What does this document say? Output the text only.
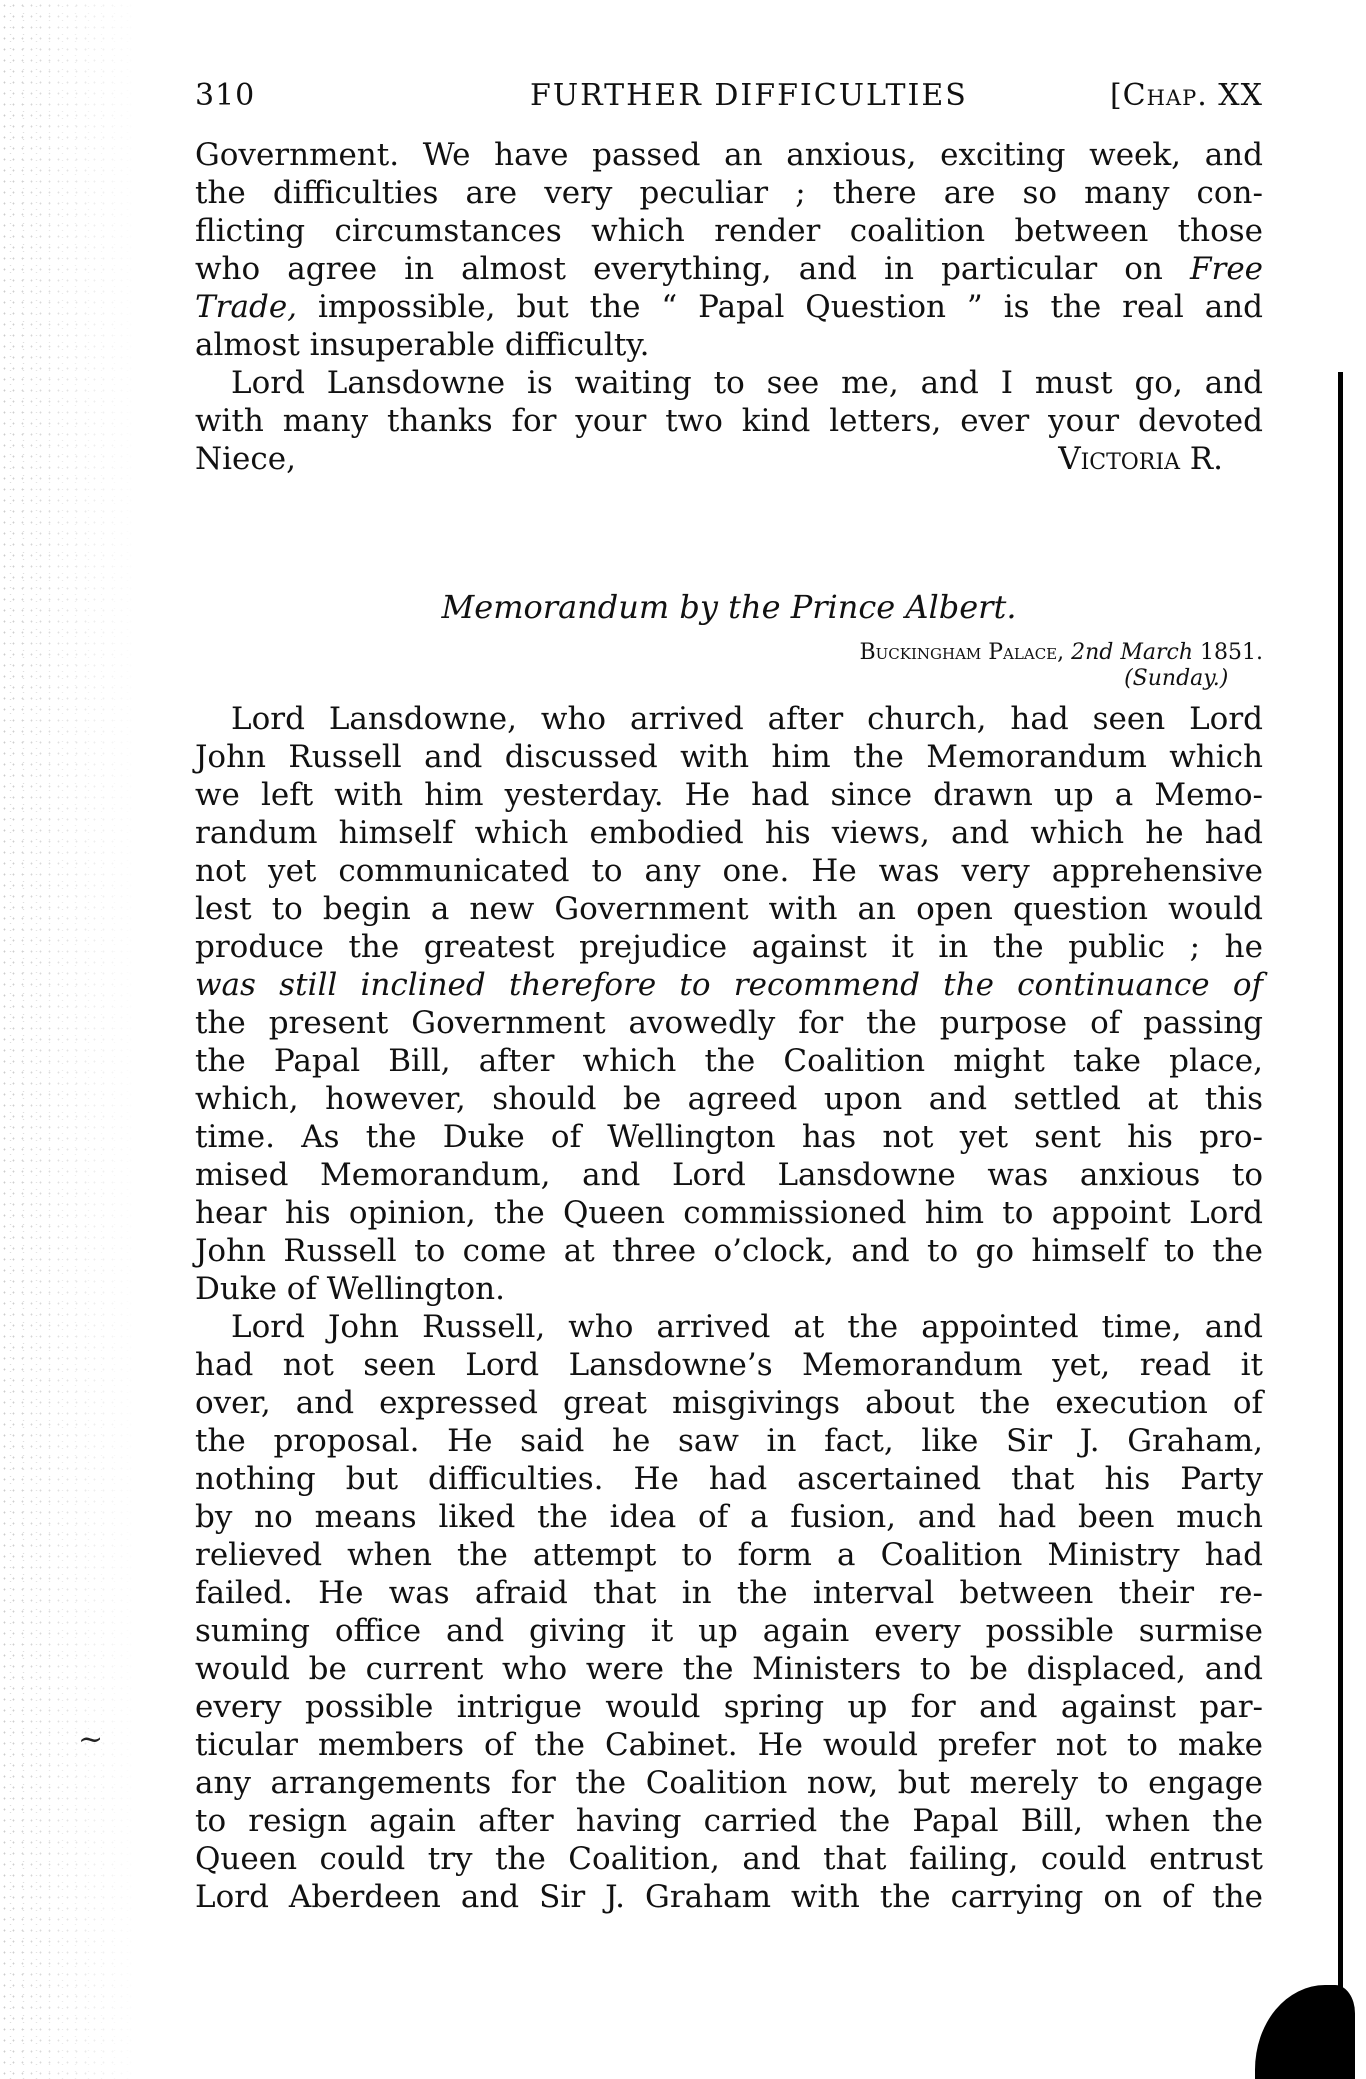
~
310	FURTHER DIFFICULTIES	[Chap. XX

Government. We have passed an anxious, exciting week, and
the difficulties are very peculiar ; there are so many con-
flicting circumstances which render coalition between those
who agree in almost everything, and in particular on Free
Trade, impossible, but the “ Papal Question ” is the real and
almost insuperable difficulty.

Lord Lansdowne is waiting to see me, and I must go, and

with many thanks for your two kind letters, ever your devoted
Niece,	Victoria R.

Memorandum by the Prince Albert.
Buckingham Palace, 2nd March 1851.
(Sunday.)

Lord Lansdowne, who arrived after church, had seen Lord

John Russell and discussed with him the Memorandum which
we left with him yesterday. He had since drawn up a Memo-
randum himself which embodied his views, and which he had
not yet communicated to any one. He was very apprehensive
lest to begin a new Government with an open question would
produce the greatest prejudice against it in the public ; he
was still inclined therefore to recommend the continuance of
the present Government avowedly for the purpose of passing
the Papal Bill, after which the Coalition might take place,
which, however, should be agreed upon and settled at this
time. As the Duke of Wellington has not yet sent his pro-
mised Memorandum, and Lord Lansdowne was anxious to
hear his opinion, the Queen commissioned him to appoint Lord
John Russell to come at three o’clock, and to go himself to the
Duke of Wellington.

Lord John Russell, who arrived at the appointed time, and

had not seen Lord Lansdowne’s Memorandum yet, read it
over, and expressed great misgivings about the execution of
the proposal. He said he saw in fact, like Sir J. Graham,
nothing but difficulties. He had ascertained that his Party
by no means liked the idea of a fusion, and had been much
relieved when the attempt to form a Coalition Ministry had
failed. He was afraid that in the interval between their re-
suming office and giving it up again every possible surmise
would be current who were the Ministers to be displaced, and
every possible intrigue would spring up for and against par-
ticular members of the Cabinet. He would prefer not to make
any arrangements for the Coalition now, but merely to engage
to resign again after having carried the Papal Bill, when the
Queen could try the Coalition, and that failing, could entrust
Lord Aberdeen and Sir J. Graham with the carrying on of the
